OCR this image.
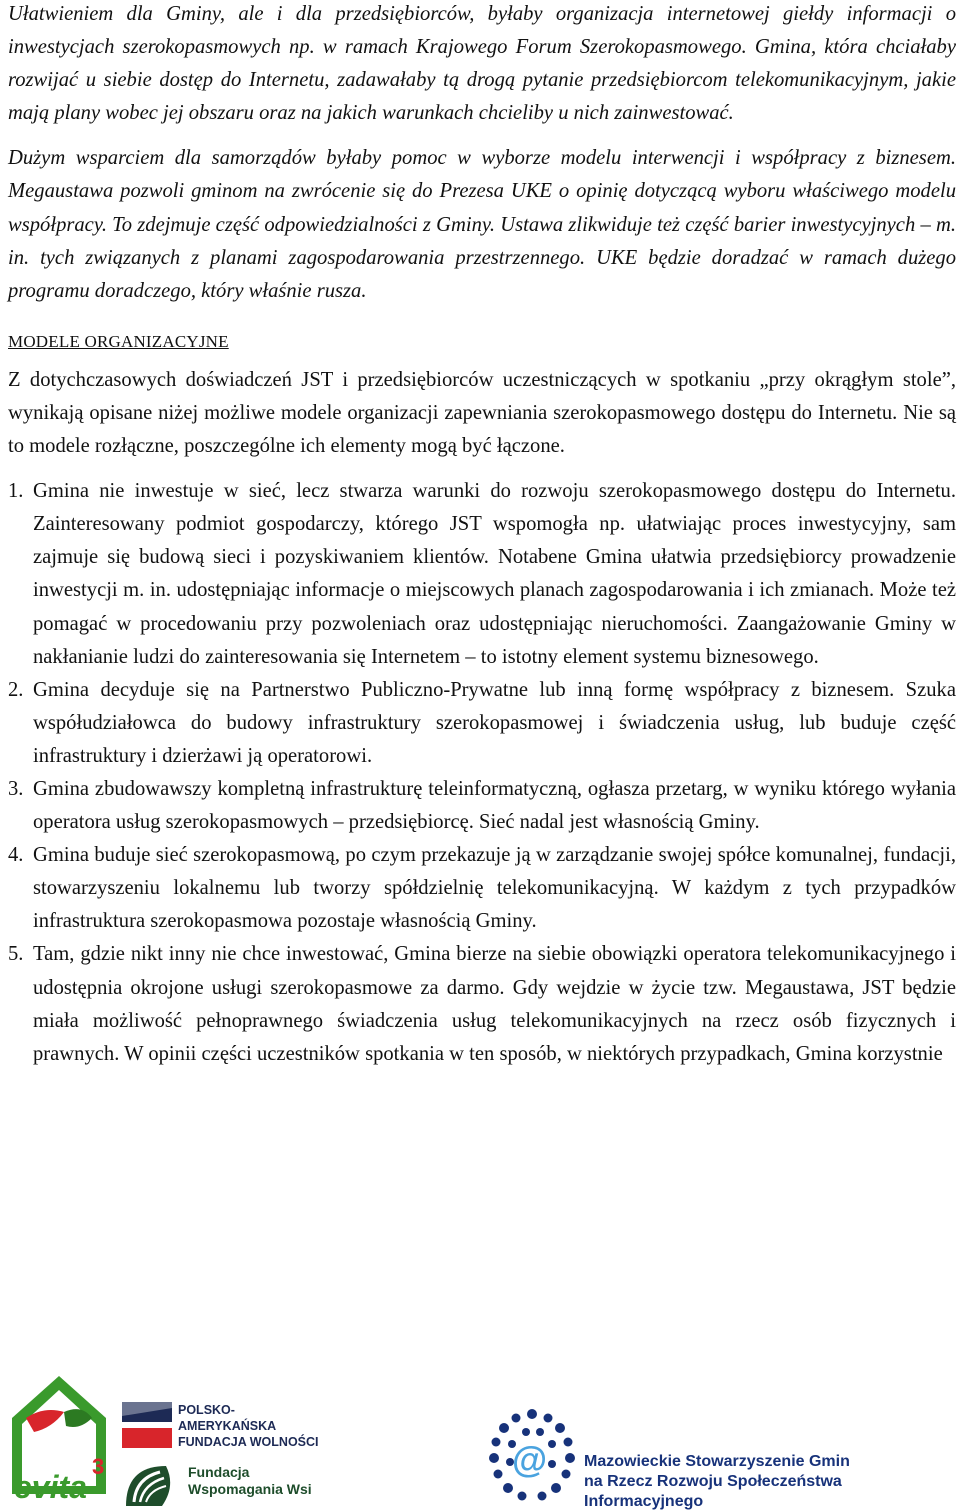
Ułatwieniem dla Gminy, ale i dla przedsiębiorców, byłaby organizacja internetowej giełdy informacji o inwestycjach szerokopasmowych np. w ramach Krajowego Forum Szerokopasmowego. Gmina, która chciałaby rozwijać u siebie dostęp do Internetu, zadawałaby tą drogą pytanie przedsiębiorcom telekomunikacyjnym, jakie mają plany wobec jej obszaru oraz na jakich warunkach chcieliby u nich zainwestować.

Dużym wsparciem dla samorządów byłaby pomoc w wyborze modelu interwencji i współpracy z biznesem. Megaustawa pozwoli gminom na zwrócenie się do Prezesa UKE o opinię dotyczącą wyboru właściwego modelu współpracy. To zdejmuje część odpowiedzialności z Gminy. Ustawa zlikwiduje też część barier inwestycyjnych – m. in. tych związanych z planami zagospodarowania przestrzennego. UKE będzie doradzać w ramach dużego programu doradczego, który właśnie rusza.

MODELE ORGANIZACYJNE

Z dotychczasowych doświadczeń JST i przedsiębiorców uczestniczących w spotkaniu „przy okrągłym stole”, wynikają opisane niżej możliwe modele organizacji zapewniania szerokopasmowego dostępu do Internetu. Nie są to modele rozłączne, poszczególne ich elementy mogą być łączone.

1. Gmina nie inwestuje w sieć, lecz stwarza warunki do rozwoju szerokopasmowego dostępu do Internetu. Zainteresowany podmiot gospodarczy, którego JST wspomogła np. ułatwiając proces inwestycyjny, sam zajmuje się budową sieci i pozyskiwaniem klientów. Notabene Gmina ułatwia przedsiębiorcy prowadzenie inwestycji m. in. udostępniając informacje o miejscowych planach zagospodarowania i ich zmianach. Może też pomagać w procedowaniu przy pozwoleniach oraz udostępniając nieruchomości. Zaangażowanie Gminy w nakłanianie ludzi do zainteresowania się Internetem – to istotny element systemu biznesowego.
2. Gmina decyduje się na Partnerstwo Publiczno-Prywatne lub inną formę współpracy z biznesem. Szuka współudziałowca do budowy infrastruktury szerokopasmowej i świadczenia usług, lub buduje część infrastruktury i dzierżawi ją operatorowi.
3. Gmina zbudowawszy kompletną infrastrukturę teleinformatyczną, ogłasza przetarg, w wyniku którego wyłania operatora usług szerokopasmowych – przedsiębiorcę. Sieć nadal jest własnością Gminy.
4. Gmina buduje sieć szerokopasmową, po czym przekazuje ją w zarządzanie swojej spółce komunalnej, fundacji, stowarzyszeniu lokalnemu lub tworzy spółdzielnię telekomunikacyjną. W każdym z tych przypadków infrastruktura szerokopasmowa pozostaje własnością Gminy.
5. Tam, gdzie nikt inny nie chce inwestować, Gmina bierze na siebie obowiązki operatora telekomunikacyjnego i udostępnia okrojone usługi szerokopasmowe za darmo. Gdy wejdzie w życie tzw. Megaustawa, JST będzie miała możliwość pełnoprawnego świadczenia usług telekomunikacyjnych na rzecz osób fizycznych i prawnych. W opinii części uczestników spotkania w ten sposób, w niektórych przypadkach, Gmina korzystnie
evita
3
POLSKO-AMERYKAŃSKA
FUNDACJA WOLNOŚCI
Fundacja
Wspomagania Wsi
@ Mazowieckie Stowarzyszenie Gmin
na Rzecz Rozwoju Społeczeństwa Informacyjnego
